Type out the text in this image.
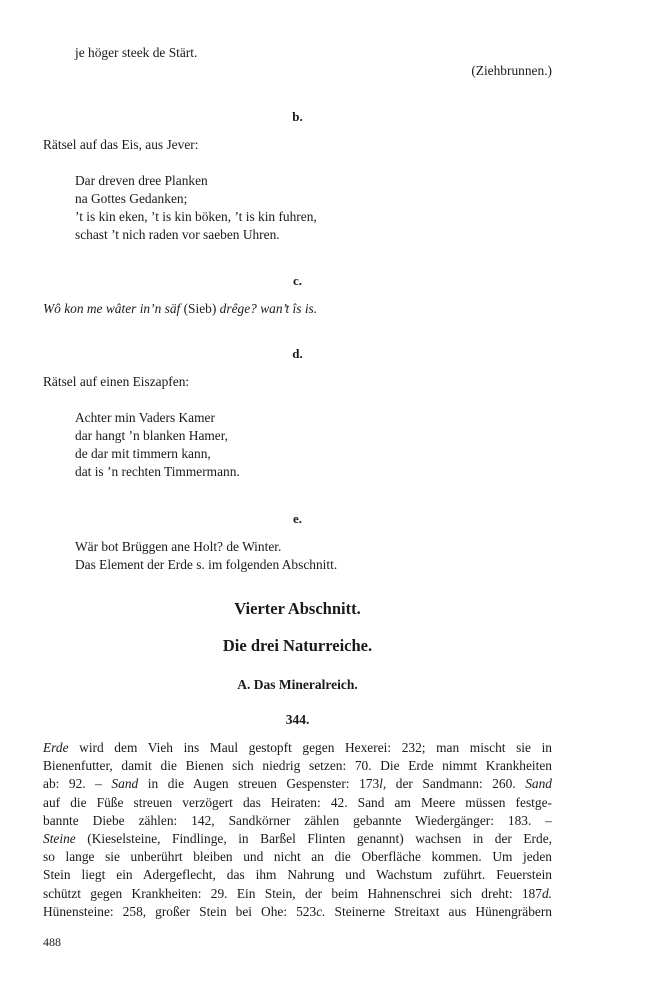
je höger steek de Stärt.
(Ziehbrunnen.)
b.
Rätsel auf das Eis, aus Jever:
Dar dreven dree Planken
na Gottes Gedanken;
’t is kin eken, ’t is kin böken, ’t is kin fuhren,
schast ’t nich raden vor saeben Uhren.
c.
Wô kon me wâter in’n säf (Sieb) drêge? wan’t îs is.
d.
Rätsel auf einen Eiszapfen:
Achter min Vaders Kamer
dar hangt ’n blanken Hamer,
de dar mit timmern kann,
dat is ’n rechten Timmermann.
e.
Wär bot Brüggen ane Holt? de Winter.
Das Element der Erde s. im folgenden Abschnitt.
Vierter Abschnitt.
Die drei Naturreiche.
A. Das Mineralreich.
344.
Erde wird dem Vieh ins Maul gestopft gegen Hexerei: 232; man mischt sie in
Bienenfutter, damit die Bienen sich niedrig setzen: 70. Die Erde nimmt Krankheiten
ab: 92. – Sand in die Augen streuen Gespenster: 173l, der Sandmann: 260. Sand
auf die Füße streuen verzögert das Heiraten: 42. Sand am Meere müssen festge-
bannte Diebe zählen: 142, Sandkörner zählen gebannte Wiedergänger: 183. –
Steine (Kieselsteine, Findlinge, in Barßel Flinten genannt) wachsen in der Erde,
so lange sie unberührt bleiben und nicht an die Oberfläche kommen. Um jeden
Stein liegt ein Adergeflecht, das ihm Nahrung und Wachstum zuführt. Feuerstein
schützt gegen Krankheiten: 29. Ein Stein, der beim Hahnenschrei sich dreht: 187d.
Hünensteine: 258, großer Stein bei Ohe: 523c. Steinerne Streitaxt aus Hünengräbern
488
